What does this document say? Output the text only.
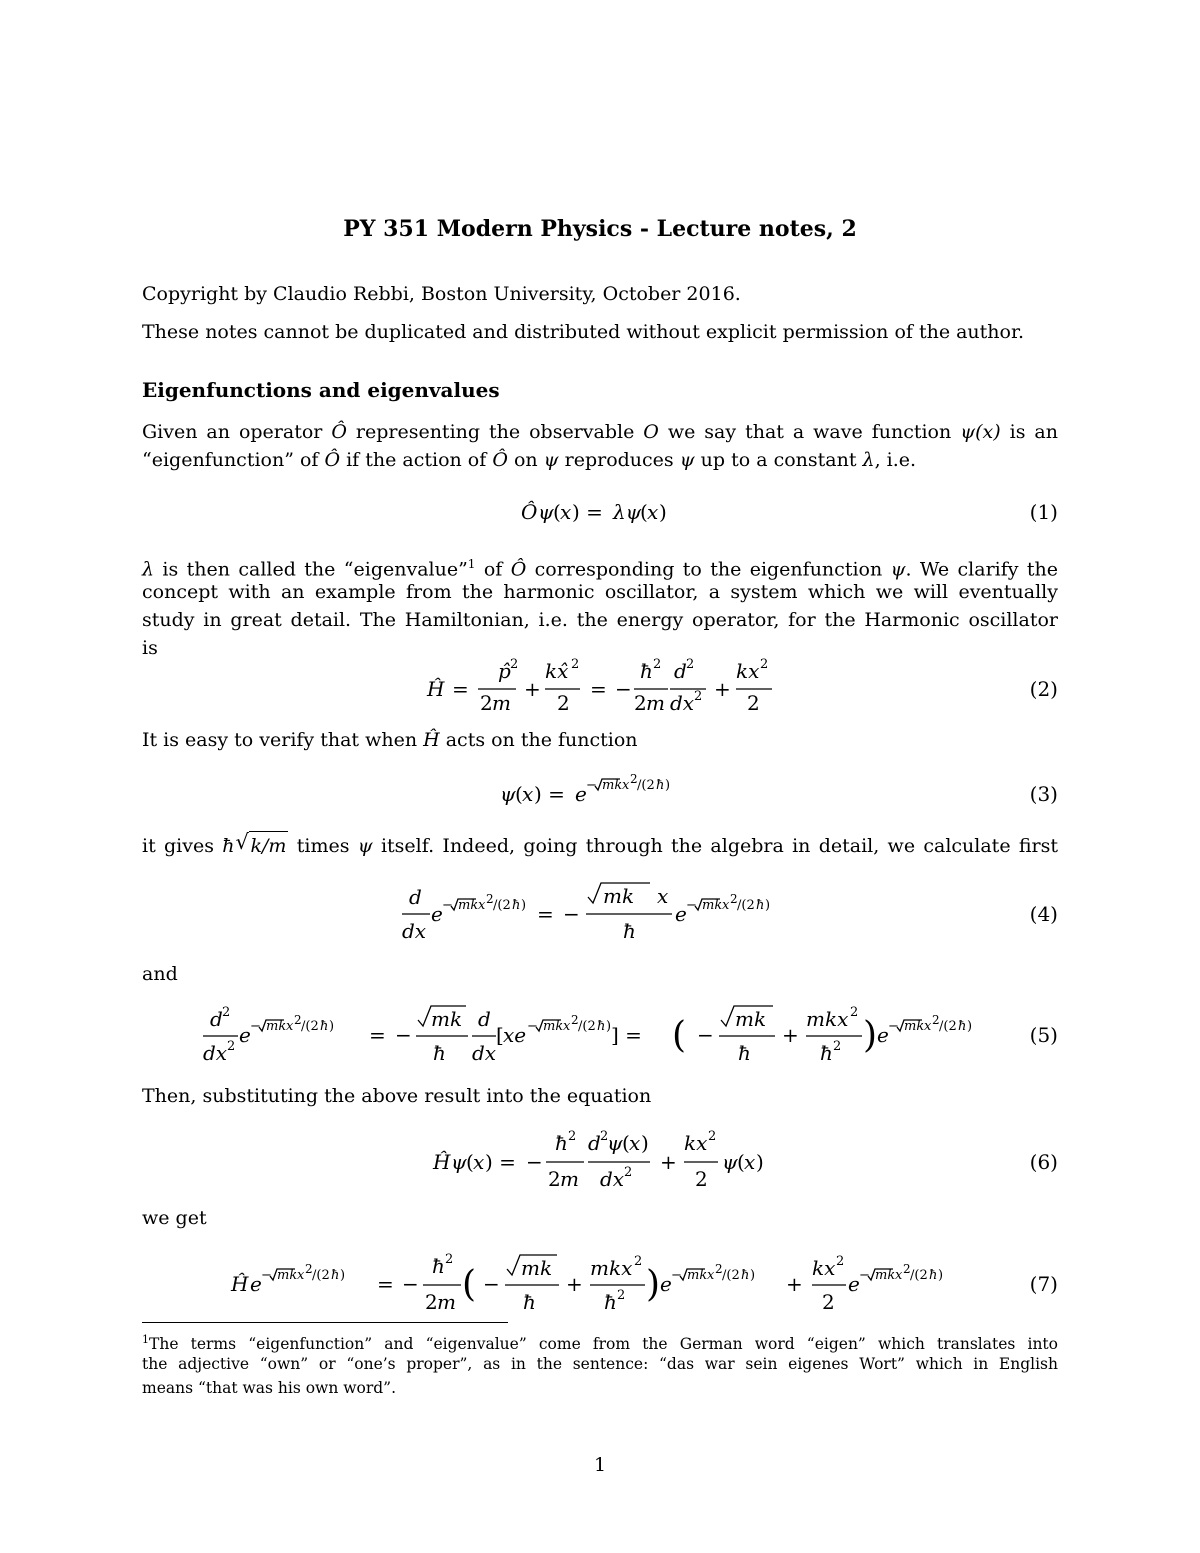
PY 351 Modern Physics - Lecture notes, 2
Copyright by Claudio Rebbi, Boston University, October 2016.
These notes cannot be duplicated and distributed without explicit permission of the author.
Eigenfunctions and eigenvalues
Given an operator Ô representing the observable O we say that a wave function ψ(x) is an
“eigenfunction” of Ô if the action of Ô on ψ reproduces ψ up to a constant λ, i.e.
λ is then called the “eigenvalue”$^1$ of Ô corresponding to the eigenfunction ψ. We clarify the
concept with an example from the harmonic oscillator, a system which we will eventually
study in great detail. The Hamiltonian, i.e. the energy operator, for the Harmonic oscillator
is
It is easy to verify that when Ĥ acts on the function
it gives ħ √ k/m times ψ itself. Indeed, going through the algebra in detail, we calculate first
and
Then, substituting the above result into the equation
we get
Ô ψ ( x ) = λψ
( x )	(1)
Ĥ =
p̂ 2
2 m
+
kx̂ 2
2
= −
ħ 2
2 m
d 2
dx 2 +
kx 2
2
(2)
ψ ( x ) = e − mk x 2 /(2 ħ )	(3)
d
dx
e − mk x 2 /(2 ħ ) = −
mk x
ħ
e − mk x 2 /(2 ħ )	(4)
d 2
dx 2 e − mk x 2 /(2 ħ ) = −
mk
ħ
d
dx
[ xe − mk x 2 /(2 ħ ) ] = ( −
mk
ħ
+
mkx 2
ħ 2 ) e − mk x 2 /(2 ħ )	(5)
Ĥ ψ ( x ) = −
ħ 2
2 m
d 2
ψ ( x )
dx 2 +
kx 2
2
ψ ( x )	(6)
Ĥ e − mk x 2 /(2 ħ ) = −
ħ 2
2 m ( −
mk
ħ
+
mkx 2
ħ 2 ) e − mk x 2 /(2 ħ ) +
kx 2
2
e − mk x 2 /(2 ħ )	(7)
$^1$The terms “eigenfunction” and “eigenvalue” come from the German word “eigen” which translates into
the adjective “own” or “one’s proper”, as in the sentence: “das war sein eigenes Wort” which in English
means “that was his own word”.
1
